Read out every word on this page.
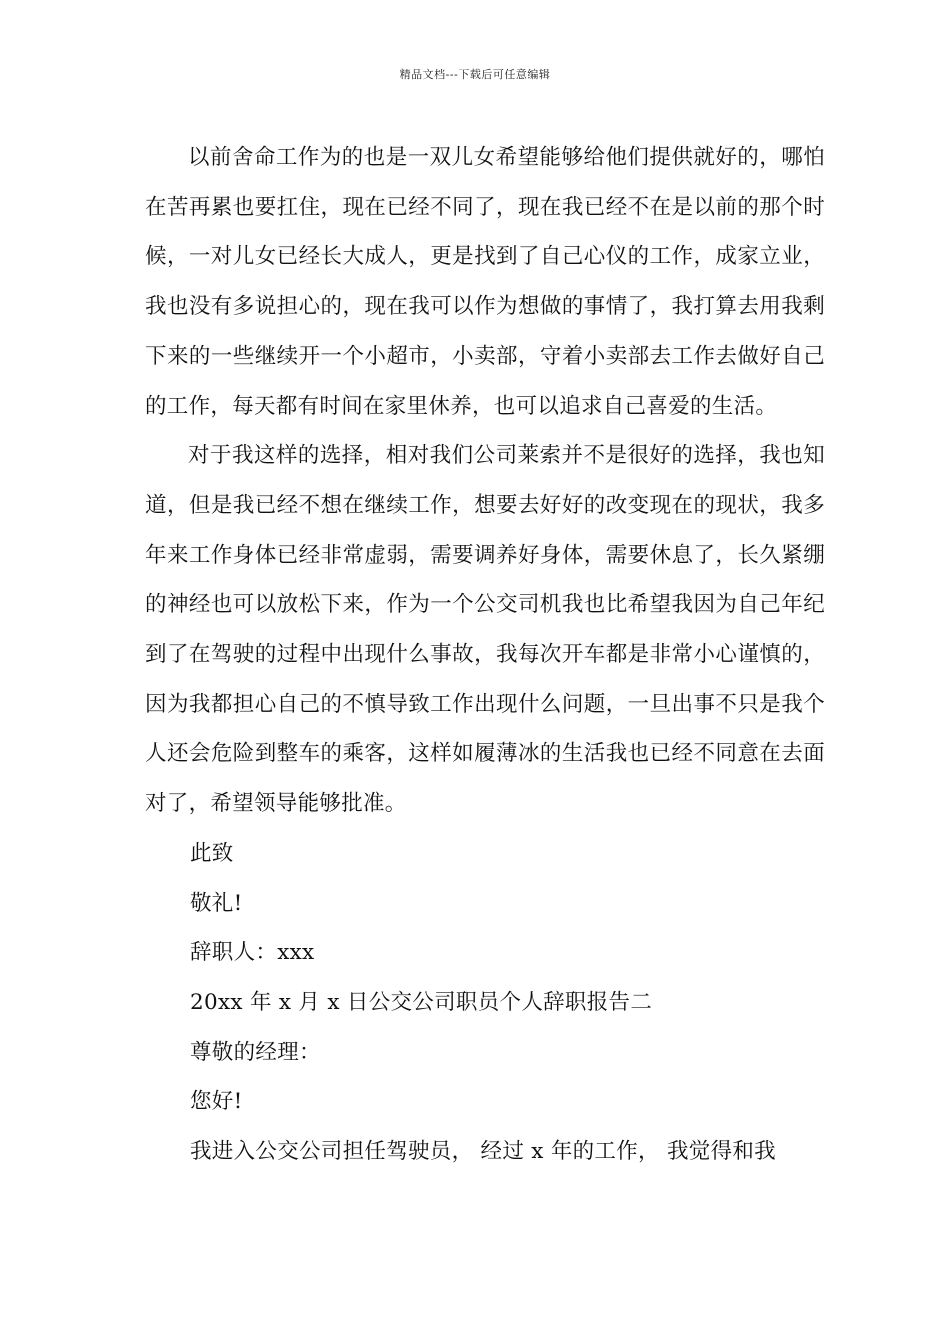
精品文档---下载后可任意编辑

以前舍命工作为的也是一双儿女希望能够给他们提供就好的，哪怕在苦再累也要扛住，现在已经不同了，现在我已经不在是以前的那个时候，一对儿女已经长大成人，更是找到了自己心仪的工作，成家立业，我也没有多说担心的，现在我可以作为想做的事情了，我打算去用我剩下来的一些继续开一个小超市，小卖部，守着小卖部去工作去做好自己的工作，每天都有时间在家里休养，也可以追求自己喜爱的生活。

对于我这样的选择，相对我们公司莱索并不是很好的选择，我也知道，但是我已经不想在继续工作，想要去好好的改变现在的现状，我多年来工作身体已经非常虚弱，需要调养好身体，需要休息了，长久紧绷的神经也可以放松下来，作为一个公交司机我也比希望我因为自己年纪到了在驾驶的过程中出现什么事故，我每次开车都是非常小心谨慎的，因为我都担心自己的不慎导致工作出现什么问题，一旦出事不只是我个人还会危险到整车的乘客，这样如履薄冰的生活我也已经不同意在去面对了，希望领导能够批准。

此致

敬礼!

辞职人：xxx

20xx 年 x 月 x 日公交公司职员个人辞职报告二

尊敬的经理：

您好!

我进入公交公司担任驾驶员， 经过 x 年的工作， 我觉得和我
